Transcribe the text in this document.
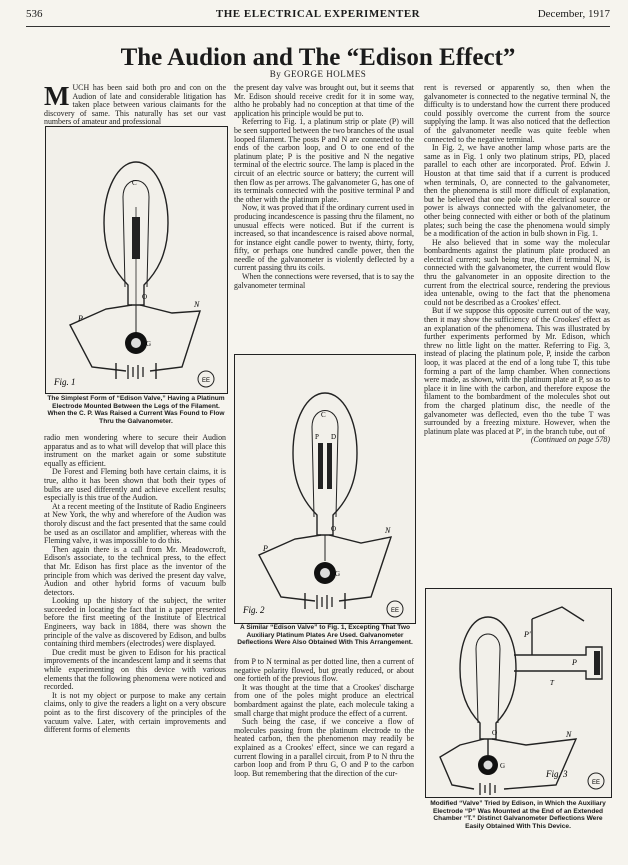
536	THE ELECTRICAL EXPERIMENTER	December, 1917
The Audion and The “Edison Effect”
By GEORGE HOLMES

MUCH has been said both pro and con on the Audion of late and considerable litigation has taken place between various claimants for the discovery of same. This naturally has set our vast numbers of amateur and professional

EE
C
O
P
N
G
Fig. 1
The Simplest Form of “Edison Valve,” Having a Platinum Electrode Mounted Between the Legs of the Filament. When the C. P. Was Raised a Current Was Found to Flow Thru the Galvanometer.

radio men wondering where to secure their Audion apparatus and as to what will develop that will place this instrument on the market again or some substitute equally as efficient.

De Forest and Fleming both have certain claims, it is true, altho it has been shown that both their types of bulbs are used differently and achieve excellent results; especially is this true of the Audion.

At a recent meeting of the Institute of Radio Engineers at New York, the why and wherefore of the Audion was thoroly discust and the fact presented that the same could be used as an oscillator and amplifier, whereas with the Fleming valve, it was impossible to do this.

Then again there is a call from Mr. Meadowcroft, Edison's associate, to the technical press, to the effect that Mr. Edison has first place as the inventor of the principle from which was derived the present day valve, Audion and other hybrid forms of vacuum bulb detectors.

Looking up the history of the subject, the writer succeeded in locating the fact that in a paper presented before the first meeting of the Institute of Electrical Engineers, way back in 1884, there was shown the principle of the valve as discovered by Edison, and bulbs containing third members (electrodes) were displayed.

Due credit must be given to Edison for his practical improvements of the incandescent lamp and it seems that while experimenting on this device with various elements that the following phenomena were noticed and recorded.

It is not my object or purpose to make any certain claims, only to give the readers a light on a very obscure point as to the first discovery of the principles of the vacuum valve. Later, with certain improvements and different forms of elements

the present day valve was brought out, but it seems that Mr. Edison should receive credit for it in some way, altho he probably had no conception at that time of the application his principle would be put to.

Referring to Fig. 1, a platinum strip or plate (P) will be seen supported between the two branches of the usual looped filament. The posts P and N are connected to the ends of the carbon loop, and O to one end of the platinum plate; P is the positive and N the negative terminal of the electric source. The lamp is placed in the circuit of an electric source or battery; the current will then flow as per arrows. The galvanometer G, has one of its terminals connected with the positive terminal P and the other with the platinum plate.

Now, it was proved that if the ordinary current used in producing incandescence is passing thru the filament, no unusual effects were noticed. But if the current is increased, so that incandescence is raised above normal, for instance eight candle power to twenty, thirty, forty, fifty, or perhaps one hundred candle power, then the needle of the galvanometer is violently deflected by a current passing thru its coils.

When the connections were reversed, that is to say the galvanometer terminal

EE
C
P D
O
P
N
G
Fig. 2
A Similar “Edison Valve” to Fig. 1, Excepting That Two Auxiliary Platinum Plates Are Used. Galvanometer Deflections Were Also Obtained With This Arrangement.

from P to N terminal as per dotted line, then a current of negative polarity flowed, but greatly reduced, or about one fortieth of the previous flow.

It was thought at the time that a Crookes' discharge from one of the poles might produce an electrical bombardment against the plate, each molecule taking a small charge that might produce the effect of a current.

Such being the case, if we conceive a flow of molecules passing from the platinum electrode to the heated carbon, then the phenomenon may readily be explained as a Crookes' effect, since we can regard a current flowing in a parallel circuit, from P to N thru the carbon loop and from P thru G, O and P to the carbon loop. But remembering that the direction of the cur-

rent is reversed or apparently so, then when the galvanometer is connected to the negative terminal N, the difficulty is to understand how the current there produced could possibly overcome the current from the source supplying the lamp. It was also noticed that the deflection of the galvanometer needle was quite feeble when connected to the negative terminal.

In Fig. 2, we have another lamp whose parts are the same as in Fig. 1 only two platinum strips, PD, placed parallel to each other are incorporated. Prof. Edwin J. Houston at that time said that if a current is produced when terminals, O, are connected to the galvanometer, then the phenomena is still more difficult of explanation, but he believed that one pole of the electrical source or power is always connected with the galvanometer, the other being connected with either or both of the platinum plates; such being the case the phenomena would simply be a modification of the action in bulb shown in Fig. 1.

He also believed that in some way the molecular bombardments against the platinum plate produced an electrical current; such being true, then if terminal N, is connected with the galvanometer, the current would flow thru the galvanometer in an opposite direction to the current from the electrical source, rendering the previous idea untenable, owing to the fact that the phenomena could not be described as a Crookes' effect.

But if we suppose this opposite current out of the way, then it may show the sufficiency of the Crookes' effect as an explanation of the phenomena. This was illustrated by further experiments performed by Mr. Edison, which threw no little light on the matter. Referring to Fig. 3, instead of placing the platinum pole, P, inside the carbon loop, it was placed at the end of a long tube T, this tube forming a part of the lamp chamber. When connections were made, as shown, with the platinum plate at P, so as to place it in line with the carbon, and therefore expose the filament to the bombardment of the molecules shot out from the charged platinum disc, the needle of the galvanometer was deflected, even tho the tube T was surrounded by a freezing mixture. However, when the platinum plate was placed at P′, in the branch tube, out of

(Continued on page 578)

EE
P′
P
T
O	N
G
Fig. 3
Modified “Valve” Tried by Edison, in Which the Auxiliary Electrode “P” Was Mounted at the End of an Extended Chamber “T.” Distinct Galvanometer Deflections Were Easily Obtained With This Device.
